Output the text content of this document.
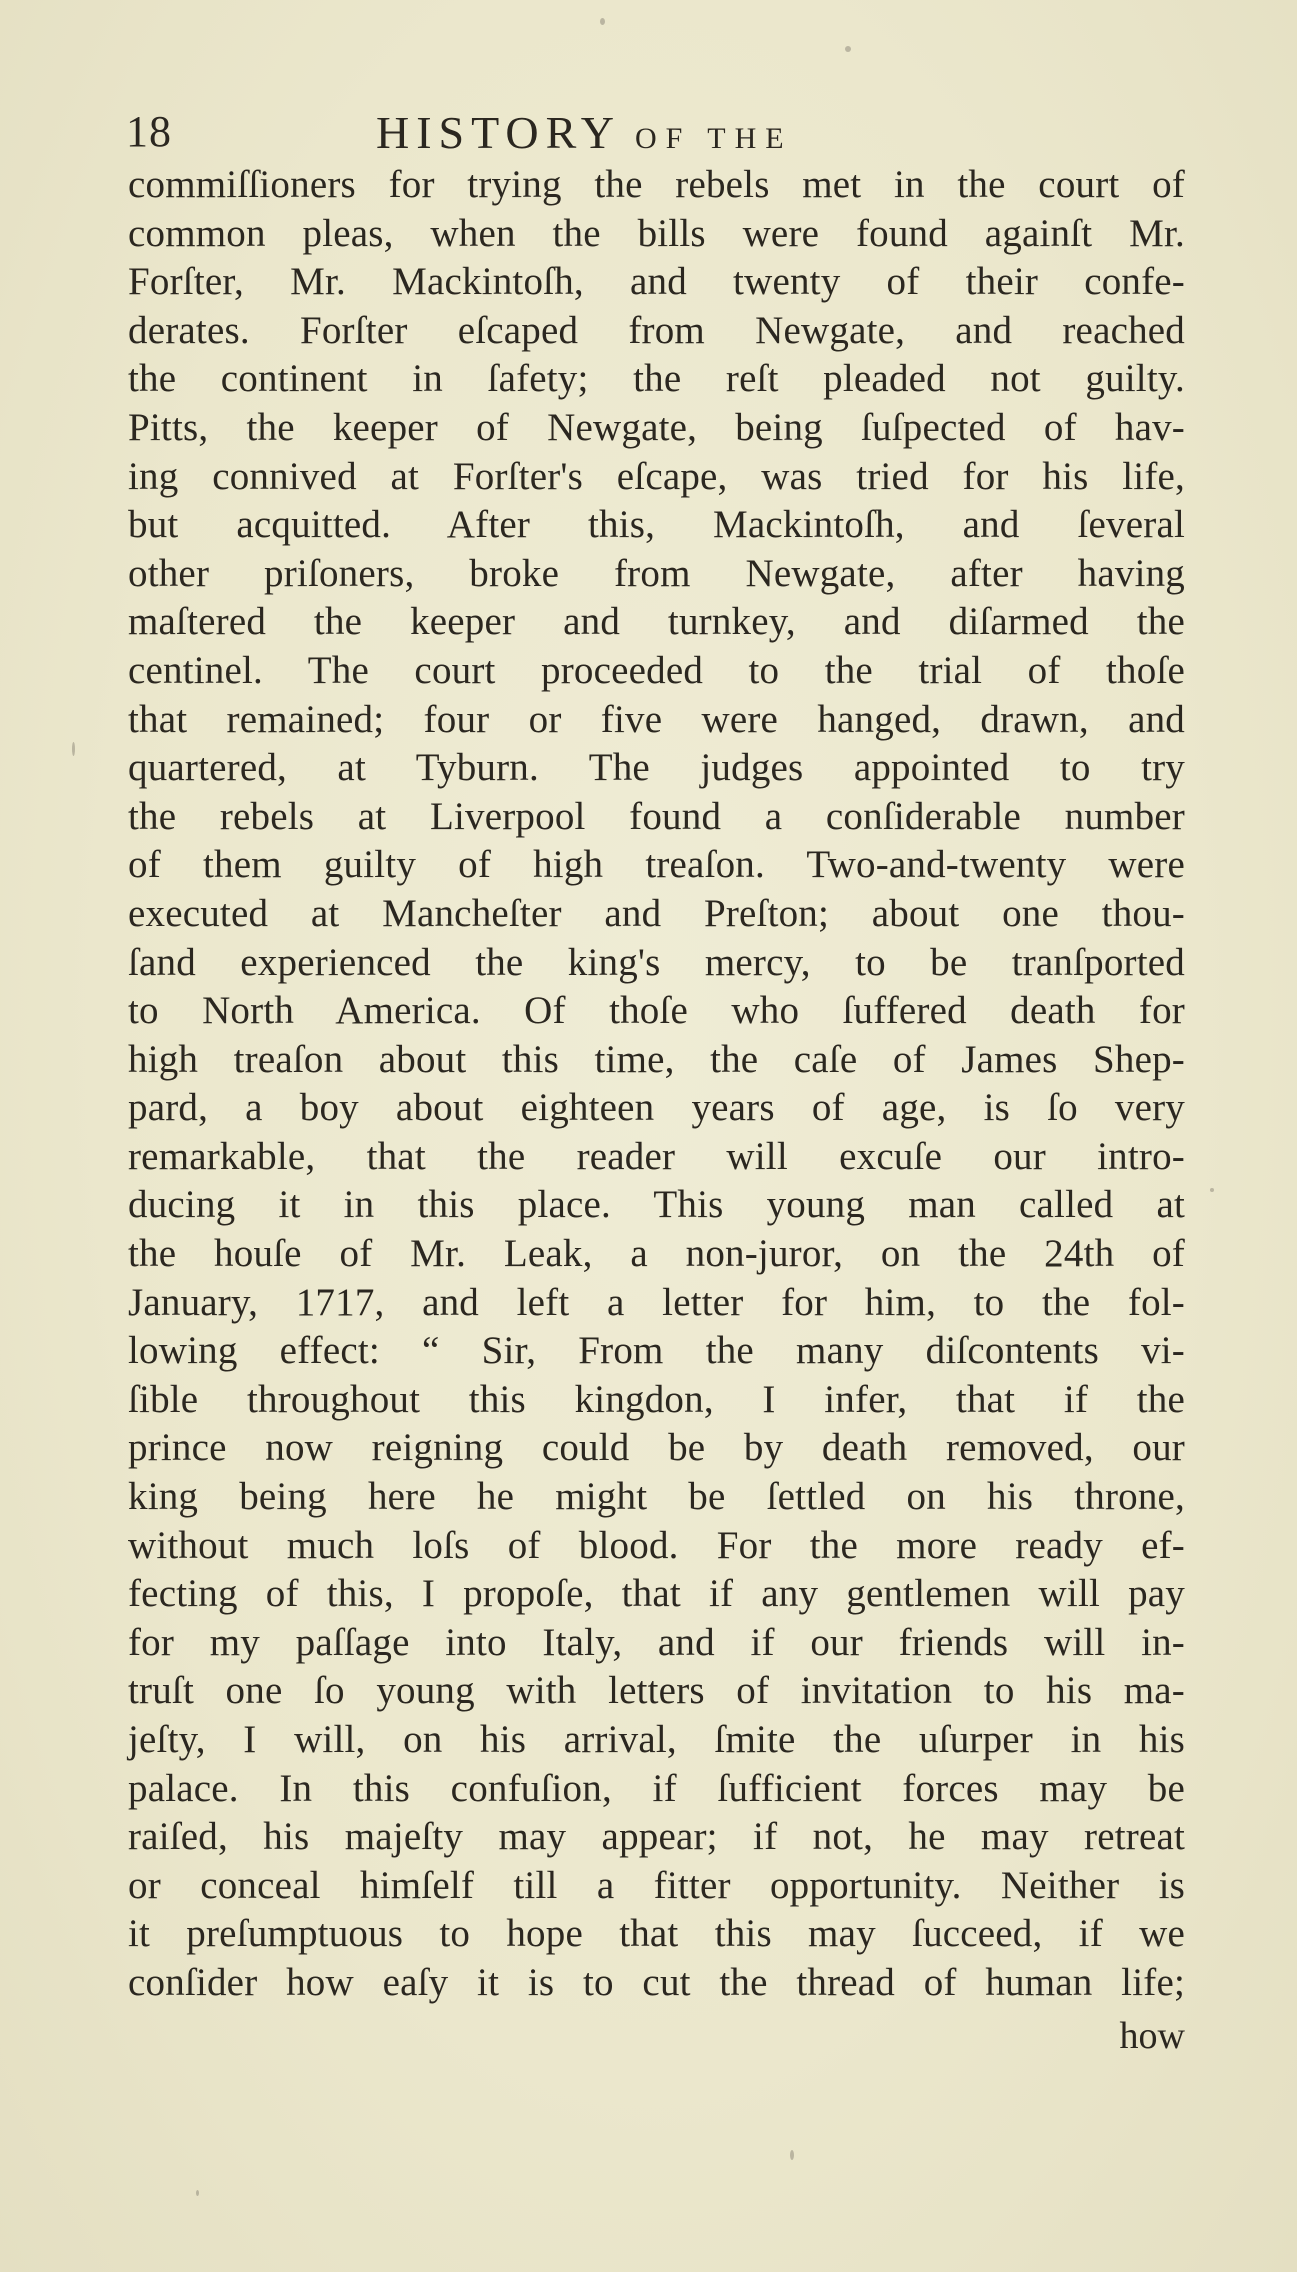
18	HISTORY OF THE
commiſſioners for trying the rebels met in the court of
common pleas, when the bills were found againſt Mr.
Forſter, Mr. Mackintoſh, and twenty of their confe-
derates. Forſter eſcaped from Newgate, and reached
the continent in ſafety; the reſt pleaded not guilty.
Pitts, the keeper of Newgate, being ſuſpected of hav-
ing connived at Forſter's eſcape, was tried for his life,
but acquitted. After this, Mackintoſh, and ſeveral
other priſoners, broke from Newgate, after having
maſtered the keeper and turnkey, and diſarmed the
centinel. The court proceeded to the trial of thoſe
that remained; four or five were hanged, drawn, and
quartered, at Tyburn. The judges appointed to try
the rebels at Liverpool found a conſiderable number
of them guilty of high treaſon. Two-and-twenty were
executed at Mancheſter and Preſton; about one thou-
ſand experienced the king's mercy, to be tranſported
to North America. Of thoſe who ſuffered death for
high treaſon about this time, the caſe of James Shep-
pard, a boy about eighteen years of age, is ſo very
remarkable, that the reader will excuſe our intro-
ducing it in this place. This young man called at
the houſe of Mr. Leak, a non-juror, on the 24th of
January, 1717, and left a letter for him, to the fol-
lowing effect: “ Sir, From the many diſcontents vi-
ſible throughout this kingdon, I infer, that if the
prince now reigning could be by death removed, our
king being here he might be ſettled on his throne,
without much loſs of blood. For the more ready ef-
fecting of this, I propoſe, that if any gentlemen will pay
for my paſſage into Italy, and if our friends will in-
truſt one ſo young with letters of invitation to his ma-
jeſty, I will, on his arrival, ſmite the uſurper in his
palace. In this confuſion, if ſufficient forces may be
raiſed, his majeſty may appear; if not, he may retreat
or conceal himſelf till a fitter opportunity. Neither is
it preſumptuous to hope that this may ſucceed, if we
conſider how eaſy it is to cut the thread of human life;
how
